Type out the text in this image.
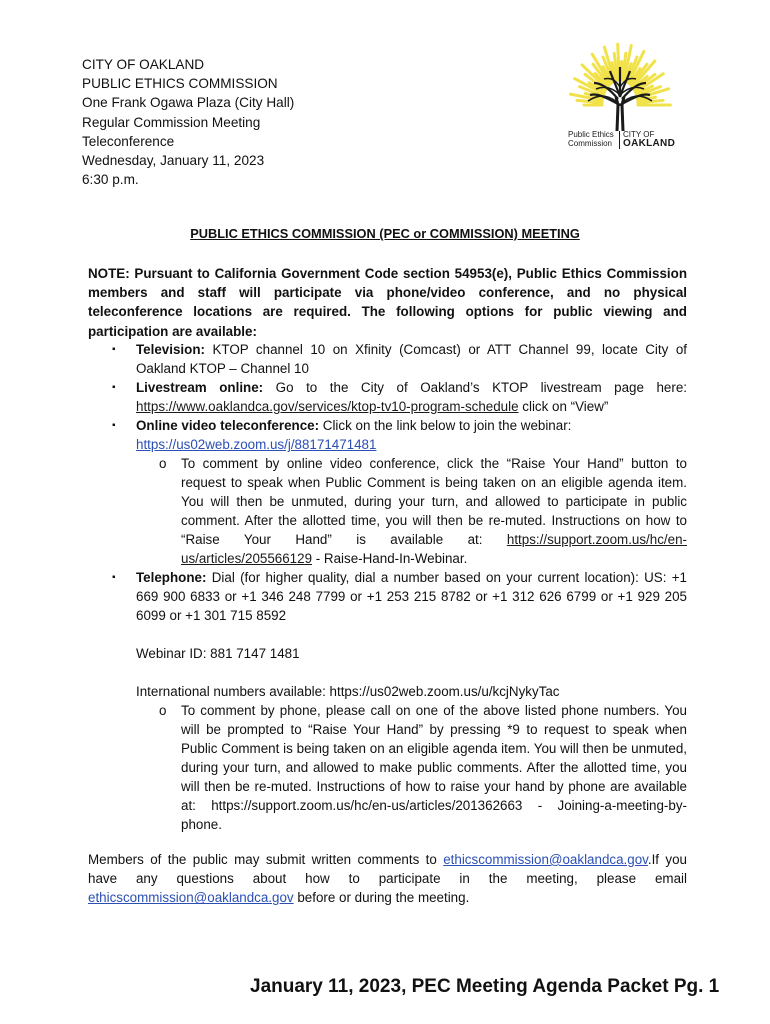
CITY OF OAKLAND
PUBLIC ETHICS COMMISSION
One Frank Ogawa Plaza (City Hall)
Regular Commission Meeting
Teleconference
Wednesday, January 11, 2023
6:30 p.m.
Public Ethics
Commission
CITY OF
OAKLAND
PUBLIC ETHICS COMMISSION (PEC or COMMISSION) MEETING
NOTE: Pursuant to California Government Code section 54953(e), Public Ethics Commission members and staff will participate via phone/video conference, and no physical teleconference locations are required. The following options for public viewing and participation are available:
▪ Television: KTOP channel 10 on Xfinity (Comcast) or ATT Channel 99, locate City of Oakland KTOP – Channel 10
▪ Livestream online: Go to the City of Oakland’s KTOP livestream page here: https://www.oaklandca.gov/services/ktop-tv10-program-schedule click on “View”
▪ Online video teleconference: Click on the link below to join the webinar:
https://us02web.zoom.us/j/88171471481
o To comment by online video conference, click the “Raise Your Hand” button to request to speak when Public Comment is being taken on an eligible agenda item. You will then be unmuted, during your turn, and allowed to participate in public comment. After the allotted time, you will then be re-muted. Instructions on how to “Raise Your Hand” is available at: https://support.zoom.us/hc/en-us/articles/205566129 - Raise-Hand-In-Webinar.
▪ Telephone: Dial (for higher quality, dial a number based on your current location): US: +1 669 900 6833 or +1 346 248 7799 or +1 253 215 8782 or +1 312 626 6799 or +1 929 205 6099 or +1 301 715 8592
Webinar ID: 881 7147 1481
International numbers available: https://us02web.zoom.us/u/kcjNykyTac
o To comment by phone, please call on one of the above listed phone numbers. You will be prompted to “Raise Your Hand” by pressing *9 to request to speak when Public Comment is being taken on an eligible agenda item. You will then be unmuted, during your turn, and allowed to make public comments. After the allotted time, you will then be re-muted. Instructions of how to raise your hand by phone are available at: https://support.zoom.us/hc/en-us/articles/201362663 - Joining-a-meeting-by-phone.
Members of the public may submit written comments to ethicscommission@oaklandca.gov.If you have any questions about how to participate in the meeting, please email ethicscommission@oaklandca.gov before or during the meeting.
January 11, 2023, PEC Meeting Agenda Packet Pg. 1
